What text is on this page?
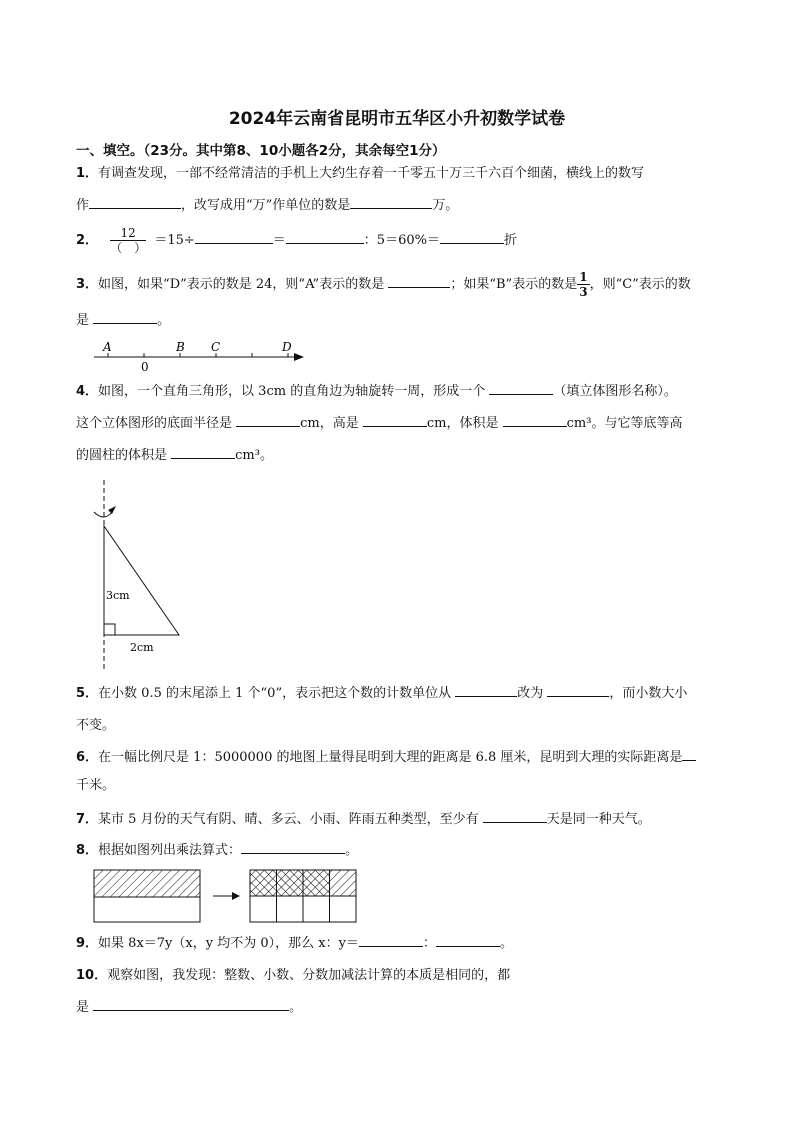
2024年云南省昆明市五华区小升初数学试卷
一、填空。（23分。其中第8、10小题各2分，其余每空1分）
1．有调查发现，一部不经常清洁的手机上大约生存着一千零五十万三千六百个细菌，横线上的数写
作	，改写成用“万”作单位的数是	万。
2． $\frac{12}{( )} =15\div$	＝	：5＝60%＝	折
3．如图，如果“D”表示的数是 24，则“A”表示的数是	；如果“B”表示的数是 $\frac{1}{3}$ ，则“C”表示的数
是	。
A	B C	D
0
4．如图，一个直角三角形，以 3cm 的直角边为轴旋转一周，形成一个	（填立体图形名称）。
这个立体图形的底面半径是	cm，高是	cm，体积是	cm³。与它等底等高
的圆柱的体积是	cm³。
3cm
2cm
5．在小数 0.5 的末尾添上 1 个“0”，表示把这个数的计数单位从	改为	，而小数大小
不变。
6．在一幅比例尺是 1：5000000 的地图上量得昆明到大理的距离是 6.8 厘米，昆明到大理的实际距离是
千米。
7．某市 5 月份的天气有阴、晴、多云、小雨、阵雨五种类型，至少有	天是同一种天气。
8．根据如图列出乘法算式：	。
9．如果 8x＝7y（x，y 均不为 0），那么 x：y＝	：	。
10．观察如图，我发现：整数、小数、分数加减法计算的本质是相同的，都
是	。
